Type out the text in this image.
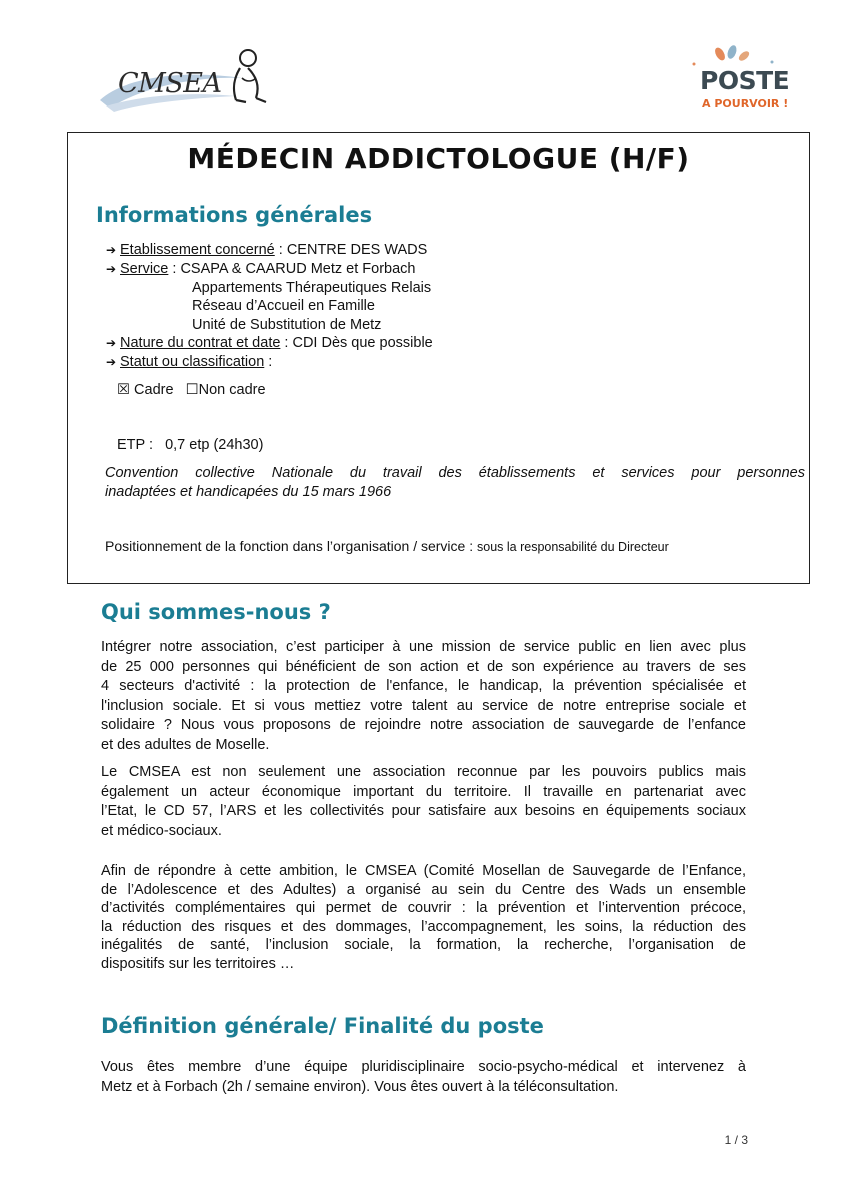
CMSEA	POSTE
A POURVOIR !
MÉDECIN ADDICTOLOGUE (H/F)
Informations générales
➔ Etablissement concerné : CENTRE DES WADS
➔ Service : CSAPA & CAARUD Metz et Forbach
Appartements Thérapeutiques Relais
Réseau d’Accueil en Famille
Unité de Substitution de Metz
➔ Nature du contrat et date : CDI Dès que possible
➔ Statut ou classification :
☒ Cadre ☐Non cadre
ETP : 0,7 etp (24h30)
Convention collective Nationale du travail des établissements et services pour personnes
inadaptées et handicapées du 15 mars 1966
Positionnement de la fonction dans l’organisation / service : sous la responsabilité du Directeur
Qui sommes-nous ?
Intégrer notre association, c’est participer à une mission de service public en lien avec plus
de 25 000 personnes qui bénéficient de son action et de son expérience au travers de ses
4 secteurs d'activité : la protection de l'enfance, le handicap, la prévention spécialisée et
l'inclusion sociale. Et si vous mettiez votre talent au service de notre entreprise sociale et
solidaire ? Nous vous proposons de rejoindre notre association de sauvegarde de l’enfance
et des adultes de Moselle.
Le CMSEA est non seulement une association reconnue par les pouvoirs publics mais
également un acteur économique important du territoire. Il travaille en partenariat avec
l’Etat, le CD 57, l’ARS et les collectivités pour satisfaire aux besoins en équipements sociaux
et médico-sociaux.
Afin de répondre à cette ambition, le CMSEA (Comité Mosellan de Sauvegarde de l’Enfance,
de l’Adolescence et des Adultes) a organisé au sein du Centre des Wads un ensemble
d’activités complémentaires qui permet de couvrir : la prévention et l’intervention précoce,
la réduction des risques et des dommages, l’accompagnement, les soins, la réduction des
inégalités de santé, l’inclusion sociale, la formation, la recherche, l’organisation de
dispositifs sur les territoires …
Définition générale/ Finalité du poste
Vous êtes membre d’une équipe pluridisciplinaire socio-psycho-médical et intervenez à
Metz et à Forbach (2h / semaine environ). Vous êtes ouvert à la téléconsultation.
1 / 3
